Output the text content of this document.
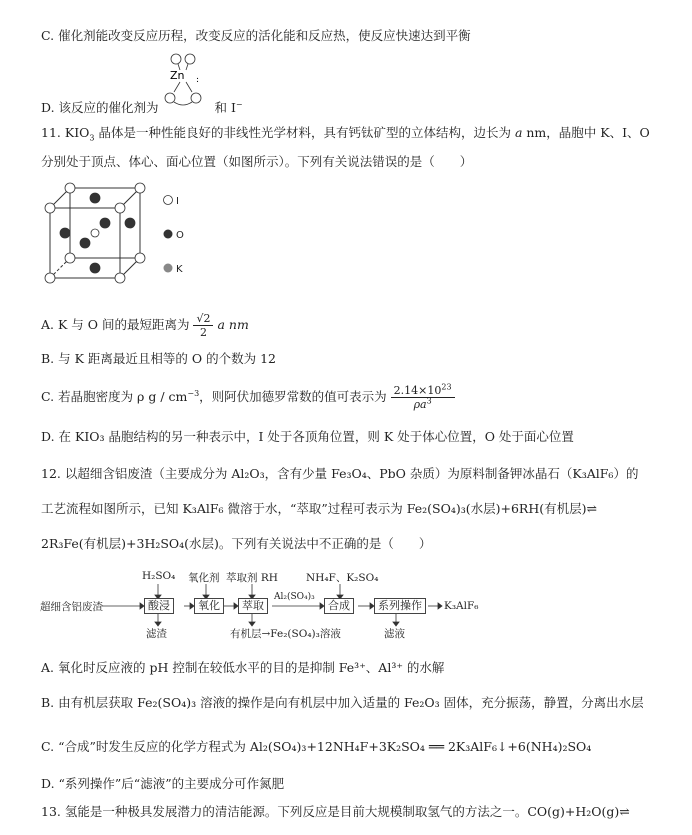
C. 催化剂能改变反应历程，改变反应的活化能和反应热，使反应快速达到平衡
Zn :
D. 该反应的催化剂为	和 I−
11. $KIO_3$ 晶体是一种性能良好的非线性光学材料，具有钙钛矿型的立体结构，边长为 a nm，晶胞中 K、I、O
分别处于顶点、体心、面心位置（如图所示）。下列有关说法错误的是（　　）
I
O
K
A. K 与 O 间的最短距离为 $\frac{√2}{2}$ a nm
B. 与 K 距离最近且相等的 O 的个数为 12
C. 若晶胞密度为 ρ g / $cm^{-3}$，则阿伏加德罗常数的值可表示为 $\frac{2.14\times 10^{23}}{\rho a^3}$
D. 在 KIO₃ 晶胞结构的另一种表示中，I 处于各顶角位置，则 K 处于体心位置，O 处于面心位置
12. 以超细含铝废渣（主要成分为 Al₂O₃，含有少量 Fe₃O₄、PbO 杂质）为原料制备钾冰晶石（K₃AlF₆）的
工艺流程如图所示，已知 K₃AlF₆ 微溶于水，“萃取”过程可表示为 Fe₂(SO₄)₃(水层)+6RH(有机层)⇌
2R₃Fe(有机层)+3H₂SO₄(水层)。下列有关说法中不正确的是（　　）
超细含铝废渣	酸浸	氧化	萃取	合成	系列操作	K₃AlF₆
H₂SO₄ 氧化剂 萃取剂 RH	NH₄F、K₂SO₄
Al₂(SO₄)₃
滤渣	有机层→Fe₂(SO₄)₃溶液	滤液
A. 氧化时反应液的 pH 控制在较低水平的目的是抑制 Fe³⁺、Al³⁺ 的水解
B. 由有机层获取 Fe₂(SO₄)₃ 溶液的操作是向有机层中加入适量的 Fe₂O₃ 固体，充分振荡，静置，分离出水层
C. “合成”时发生反应的化学方程式为 Al₂(SO₄)₃+12NH₄F+3K₂SO₄ ══ 2K₃AlF₆↓+6(NH₄)₂SO₄
D. “系列操作”后“滤液”的主要成分可作氮肥
13. 氢能是一种极具发展潜力的清洁能源。下列反应是目前大规模制取氢气的方法之一。CO(g)+H₂O(g)⇌
